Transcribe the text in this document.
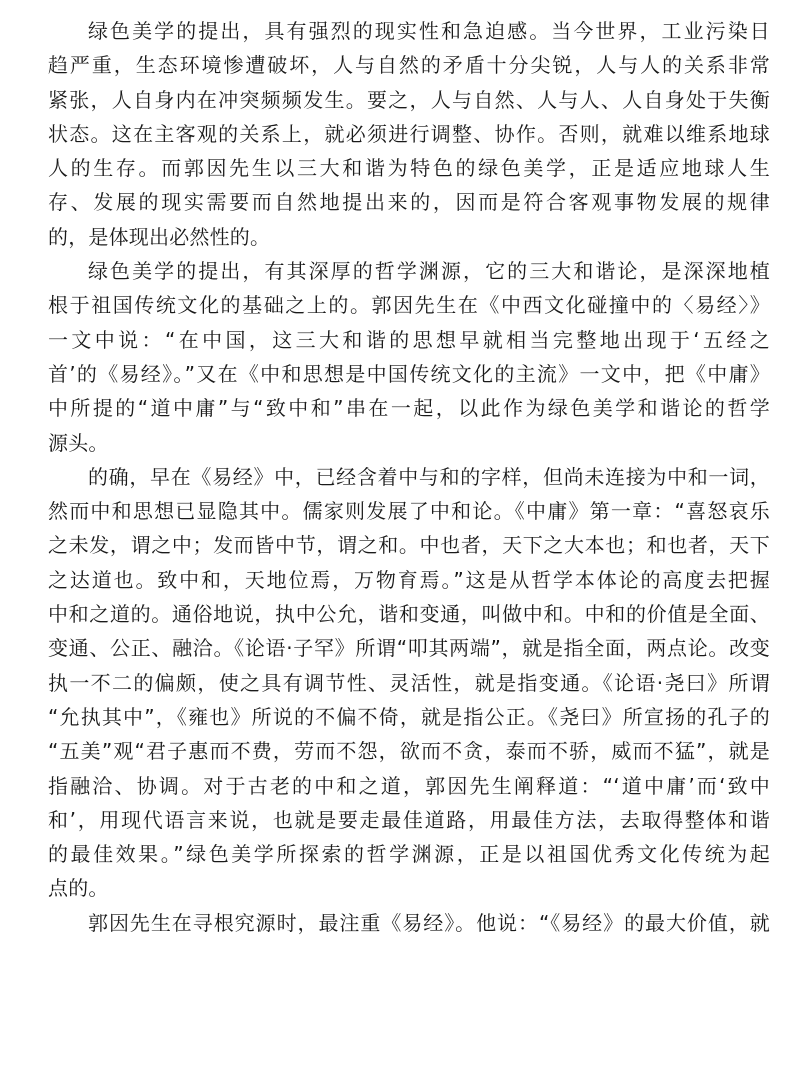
绿色美学的提出，具有强烈的现实性和急迫感。当今世界，工业污染日
趋严重，生态环境惨遭破坏，人与自然的矛盾十分尖锐，人与人的关系非常
紧张，人自身内在冲突频频发生。要之，人与自然、人与人、人自身处于失衡
状态。这在主客观的关系上，就必须进行调整、协作。否则，就难以维系地球
人的生存。而郭因先生以三大和谐为特色的绿色美学，正是适应地球人生
存、发展的现实需要而自然地提出来的，因而是符合客观事物发展的规律
的，是体现出必然性的。
绿色美学的提出，有其深厚的哲学渊源，它的三大和谐论，是深深地植
根于祖国传统文化的基础之上的。郭因先生在《中西文化碰撞中的〈易经〉》
一文中说：“在中国，这三大和谐的思想早就相当完整地出现于‘五经之
首’的《易经》。”又在《中和思想是中国传统文化的主流》一文中，把《中庸》
中所提的“道中庸”与“致中和”串在一起，以此作为绿色美学和谐论的哲学
源头。
的确，早在《易经》中，已经含着中与和的字样，但尚未连接为中和一词，
然而中和思想已显隐其中。儒家则发展了中和论。《中庸》第一章：“喜怒哀乐
之未发，谓之中；发而皆中节，谓之和。中也者，天下之大本也；和也者，天下
之达道也。致中和，天地位焉，万物育焉。”这是从哲学本体论的高度去把握
中和之道的。通俗地说，执中公允，谐和变通，叫做中和。中和的价值是全面、
变通、公正、融洽。《论语·子罕》所谓“叩其两端”，就是指全面，两点论。改变
执一不二的偏颇，使之具有调节性、灵活性，就是指变通。《论语·尧曰》所谓
“允执其中”，《雍也》所说的不偏不倚，就是指公正。《尧曰》所宣扬的孔子的
“五美”观“君子惠而不费，劳而不怨，欲而不贪，泰而不骄，威而不猛”，就是
指融洽、协调。对于古老的中和之道，郭因先生阐释道：“‘道中庸’而‘致中
和’，用现代语言来说，也就是要走最佳道路，用最佳方法，去取得整体和谐
的最佳效果。”绿色美学所探索的哲学渊源，正是以祖国优秀文化传统为起
点的。
郭因先生在寻根究源时，最注重《易经》。他说：“《易经》的最大价值，就
